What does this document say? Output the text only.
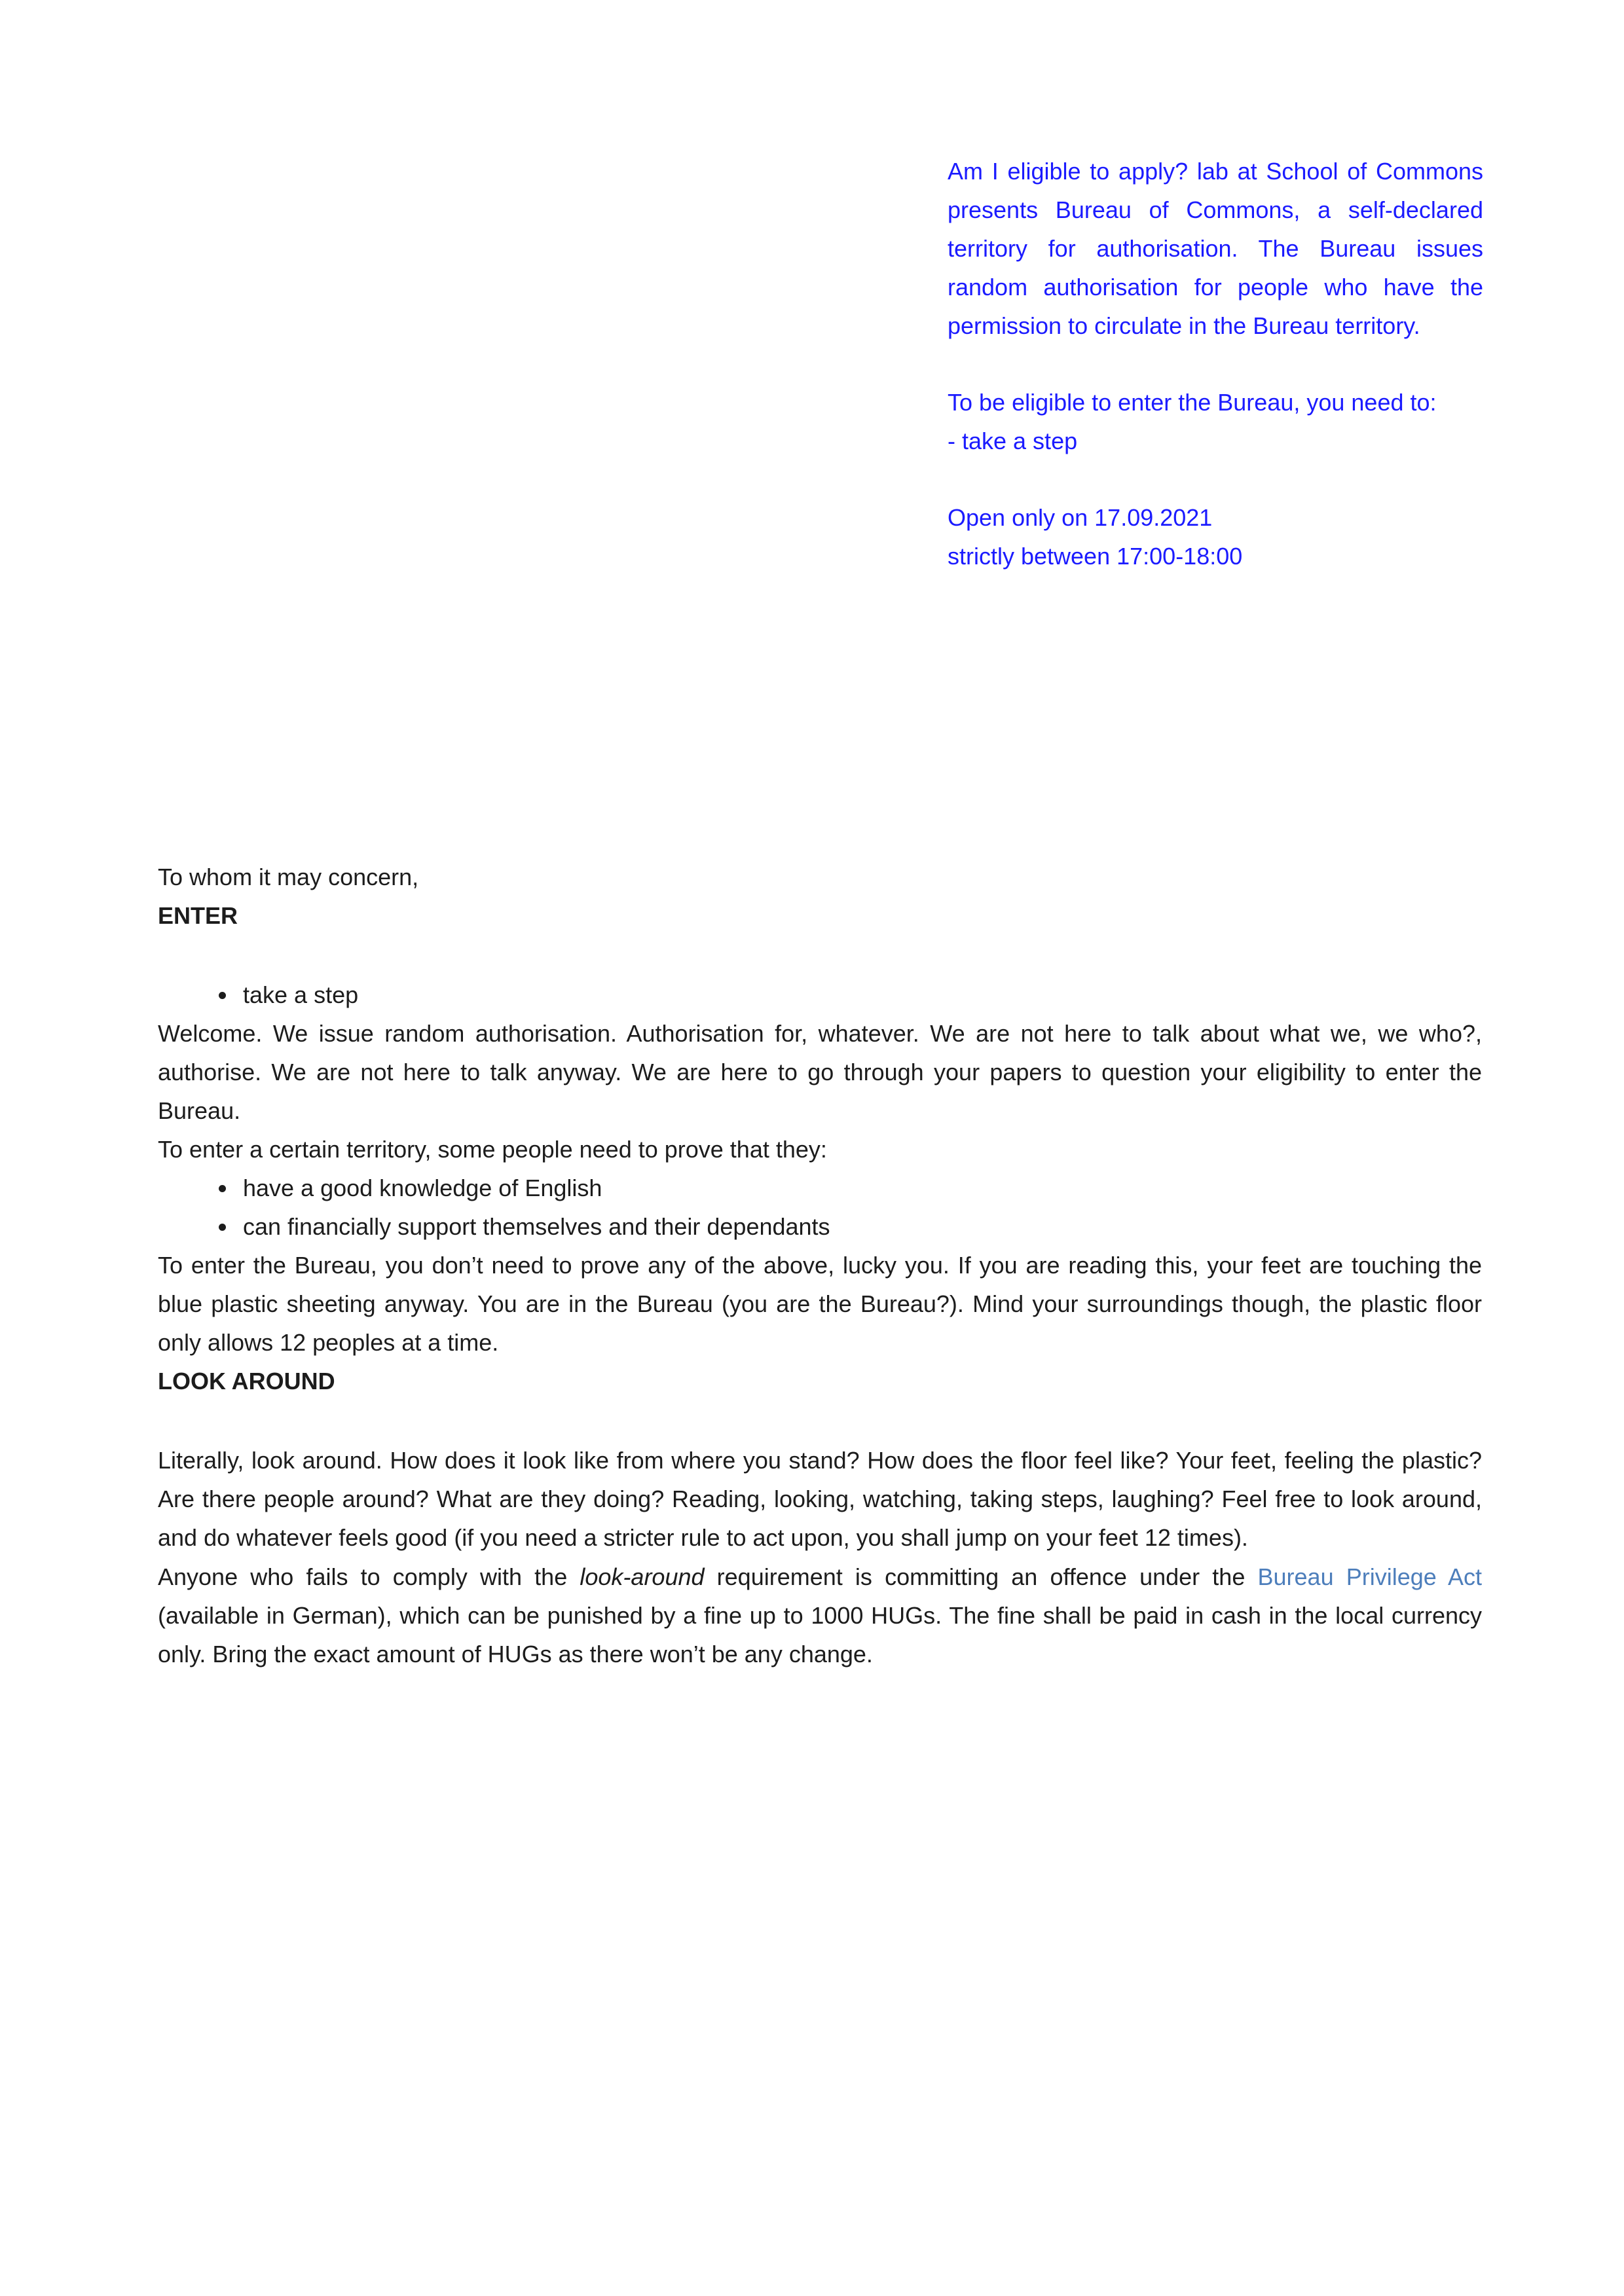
Am I eligible to apply? lab at School of Commons presents Bureau of Commons, a self-declared territory for authorisation. The Bureau issues random authorisation for people who have the permission to circulate in the Bureau territory.

To be eligible to enter the Bureau, you need to:

- take a step

Open only on 17.09.2021

strictly between 17:00-18:00

To whom it may concern,

ENTER
• take a step

Welcome. We issue random authorisation. Authorisation for, whatever. We are not here to talk about what we, we who?, authorise. We are not here to talk anyway. We are here to go through your papers to question your eligibility to enter the Bureau.

To enter a certain territory, some people need to prove that they:

• have a good knowledge of English
• can financially support themselves and their dependants

To enter the Bureau, you don’t need to prove any of the above, lucky you. If you are reading this, your feet are touching the blue plastic sheeting anyway. You are in the Bureau (you are the Bureau?). Mind your surroundings though, the plastic floor only allows 12 peoples at a time.

LOOK AROUND

Literally, look around. How does it look like from where you stand? How does the floor feel like? Your feet, feeling the plastic? Are there people around? What are they doing? Reading, looking, watching, taking steps, laughing? Feel free to look around, and do whatever feels good (if you need a stricter rule to act upon, you shall jump on your feet 12 times).

Anyone who fails to comply with the look-around requirement is committing an offence under the Bureau Privilege Act (available in German), which can be punished by a fine up to 1000 HUGs. The fine shall be paid in cash in the local currency only. Bring the exact amount of HUGs as there won’t be any change.
